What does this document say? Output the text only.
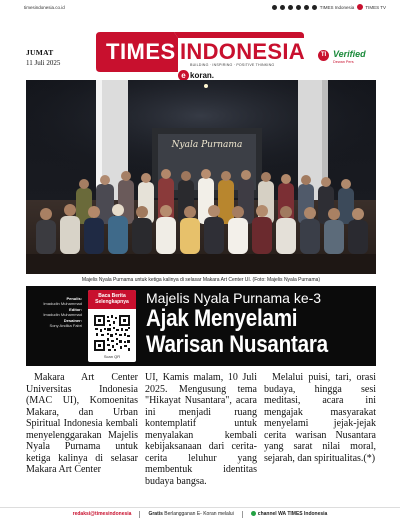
timesindonesia.co.id	TIMES Indonesia TIMES TV
JUMAT
11 Juli 2025 TIMES INDONESIA
BUILDING · INSPIRING · POSITIVE THINKING
e koran.
TI Verified
Dewan Pers
Nyala Purnama
Majelis Nyala Purnama untuk ketiga kalinya di selasar Makara Art Center UI. (Foto: Majelis Nyala Purnama)
Penulis:
Imadudin Muhammad
Editor:
Imadudin Muhammad
Desainer:
Sony Andika Fabri
Baca Berita
Selengkapnya
Scan QR
Majelis Nyala Purnama ke-3
Ajak Menyelami
Warisan Nusantara
Makara Art Center Universitas Indonesia (MAC UI), Komoenitas Makara, dan Urban Spiritual Indonesia kembali menyelenggarakan Majelis Nyala Purnama untuk ketiga kalinya di selasar Makara Art Center
UI, Kamis malam, 10 Juli 2025. Mengusung tema "Hikayat Nusantara", acara ini menjadi ruang kontemplatif untuk menyalakan kembali kebijaksanaan dari cerita-cerita leluhur yang membentuk identitas budaya bangsa.
Melalui puisi, tari, orasi budaya, hingga sesi meditasi, acara ini mengajak masyarakat menyelami jejak-jejak cerita warisan Nusantara yang sarat nilai moral, sejarah, dan spiritualitas.(*)
redaksi@timesindonesia	Gratis Berlangganan E- Koran melalui	channel WA TIMES Indonesia
